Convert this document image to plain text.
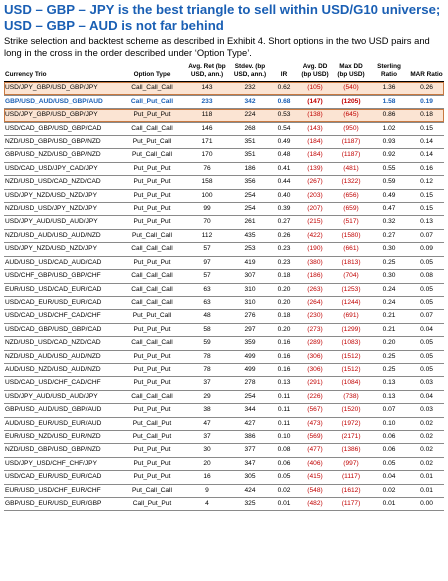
USD – GBP – JPY is the best triangle to sell within USD/G10 universe; USD – GBP – AUD is not far behind
Strike selection and backtest scheme as described in Exhibit 4. Short options in the two USD pairs and long in the cross in the order described under ‘Option Type’.
Currency Trio	Option Type	Avg. Ret (bp USD, ann.)	Stdev. (bp USD, ann.)	IR	Avg. DD (bp USD)	Max DD (bp USD)	Sterling Ratio	MAR Ratio
USD/JPY_GBP/USD_GBP/JPY	Call_Call_Call	143	232	0.62	(105)	(540)	1.36	0.26
GBP/USD_AUD/USD_GBP/AUD	Call_Put_Call	233	342	0.68	(147)	(1205)	1.58	0.19
USD/JPY_GBP/USD_GBP/JPY	Put_Put_Put	118	224	0.53	(138)	(645)	0.86	0.18
USD/CAD_GBP/USD_GBP/CAD	Call_Call_Call	146	268	0.54	(143)	(950)	1.02	0.15
NZD/USD_GBP/USD_GBP/NZD	Put_Put_Call	171	351	0.49	(184)	(1187)	0.93	0.14
GBP/USD_NZD/USD_GBP/NZD	Put_Call_Call	170	351	0.48	(184)	(1187)	0.92	0.14
USD/CAD_USD/JPY_CAD/JPY	Put_Put_Put	76	186	0.41	(139)	(481)	0.55	0.16
NZD/USD_USD/CAD_NZD/CAD	Put_Put_Put	158	356	0.44	(267)	(1322)	0.59	0.12
USD/JPY_NZD/USD_NZD/JPY	Put_Put_Put	100	254	0.40	(203)	(656)	0.49	0.15
NZD/USD_USD/JPY_NZD/JPY	Put_Put_Put	99	254	0.39	(207)	(659)	0.47	0.15
USD/JPY_AUD/USD_AUD/JPY	Put_Put_Put	70	261	0.27	(215)	(517)	0.32	0.13
NZD/USD_AUD/USD_AUD/NZD	Put_Call_Call	112	435	0.26	(422)	(1580)	0.27	0.07
USD/JPY_NZD/USD_NZD/JPY	Call_Call_Call	57	253	0.23	(190)	(661)	0.30	0.09
AUD/USD_USD/CAD_AUD/CAD	Put_Put_Put	97	419	0.23	(380)	(1813)	0.25	0.05
USD/CHF_GBP/USD_GBP/CHF	Call_Call_Call	57	307	0.18	(186)	(704)	0.30	0.08
EUR/USD_USD/CAD_EUR/CAD	Call_Call_Call	63	310	0.20	(263)	(1253)	0.24	0.05
USD/CAD_EUR/USD_EUR/CAD	Call_Call_Call	63	310	0.20	(264)	(1244)	0.24	0.05
USD/CAD_USD/CHF_CAD/CHF	Put_Put_Call	48	276	0.18	(230)	(691)	0.21	0.07
USD/CAD_GBP/USD_GBP/CAD	Put_Put_Put	58	297	0.20	(273)	(1299)	0.21	0.04
NZD/USD_USD/CAD_NZD/CAD	Call_Call_Call	59	359	0.16	(289)	(1083)	0.20	0.05
NZD/USD_AUD/USD_AUD/NZD	Put_Put_Put	78	499	0.16	(306)	(1512)	0.25	0.05
AUD/USD_NZD/USD_AUD/NZD	Put_Put_Put	78	499	0.16	(306)	(1512)	0.25	0.05
USD/CAD_USD/CHF_CAD/CHF	Put_Put_Put	37	278	0.13	(291)	(1084)	0.13	0.03
USD/JPY_AUD/USD_AUD/JPY	Call_Call_Call	29	254	0.11	(226)	(738)	0.13	0.04
GBP/USD_AUD/USD_GBP/AUD	Put_Put_Put	38	344	0.11	(567)	(1520)	0.07	0.03
AUD/USD_EUR/USD_EUR/AUD	Put_Call_Put	47	427	0.11	(473)	(1972)	0.10	0.02
EUR/USD_NZD/USD_EUR/NZD	Put_Call_Put	37	386	0.10	(569)	(2171)	0.06	0.02
NZD/USD_GBP/USD_GBP/NZD	Put_Put_Put	30	377	0.08	(477)	(1386)	0.06	0.02
USD/JPY_USD/CHF_CHF/JPY	Put_Put_Put	20	347	0.06	(406)	(997)	0.05	0.02
USD/CAD_EUR/USD_EUR/CAD	Put_Put_Put	16	305	0.05	(415)	(1117)	0.04	0.01
EUR/USD_USD/CHF_EUR/CHF	Put_Call_Call	9	424	0.02	(548)	(1612)	0.02	0.01
GBP/USD_EUR/USD_EUR/GBP	Call_Put_Put	4	325	0.01	(482)	(1177)	0.01	0.00
